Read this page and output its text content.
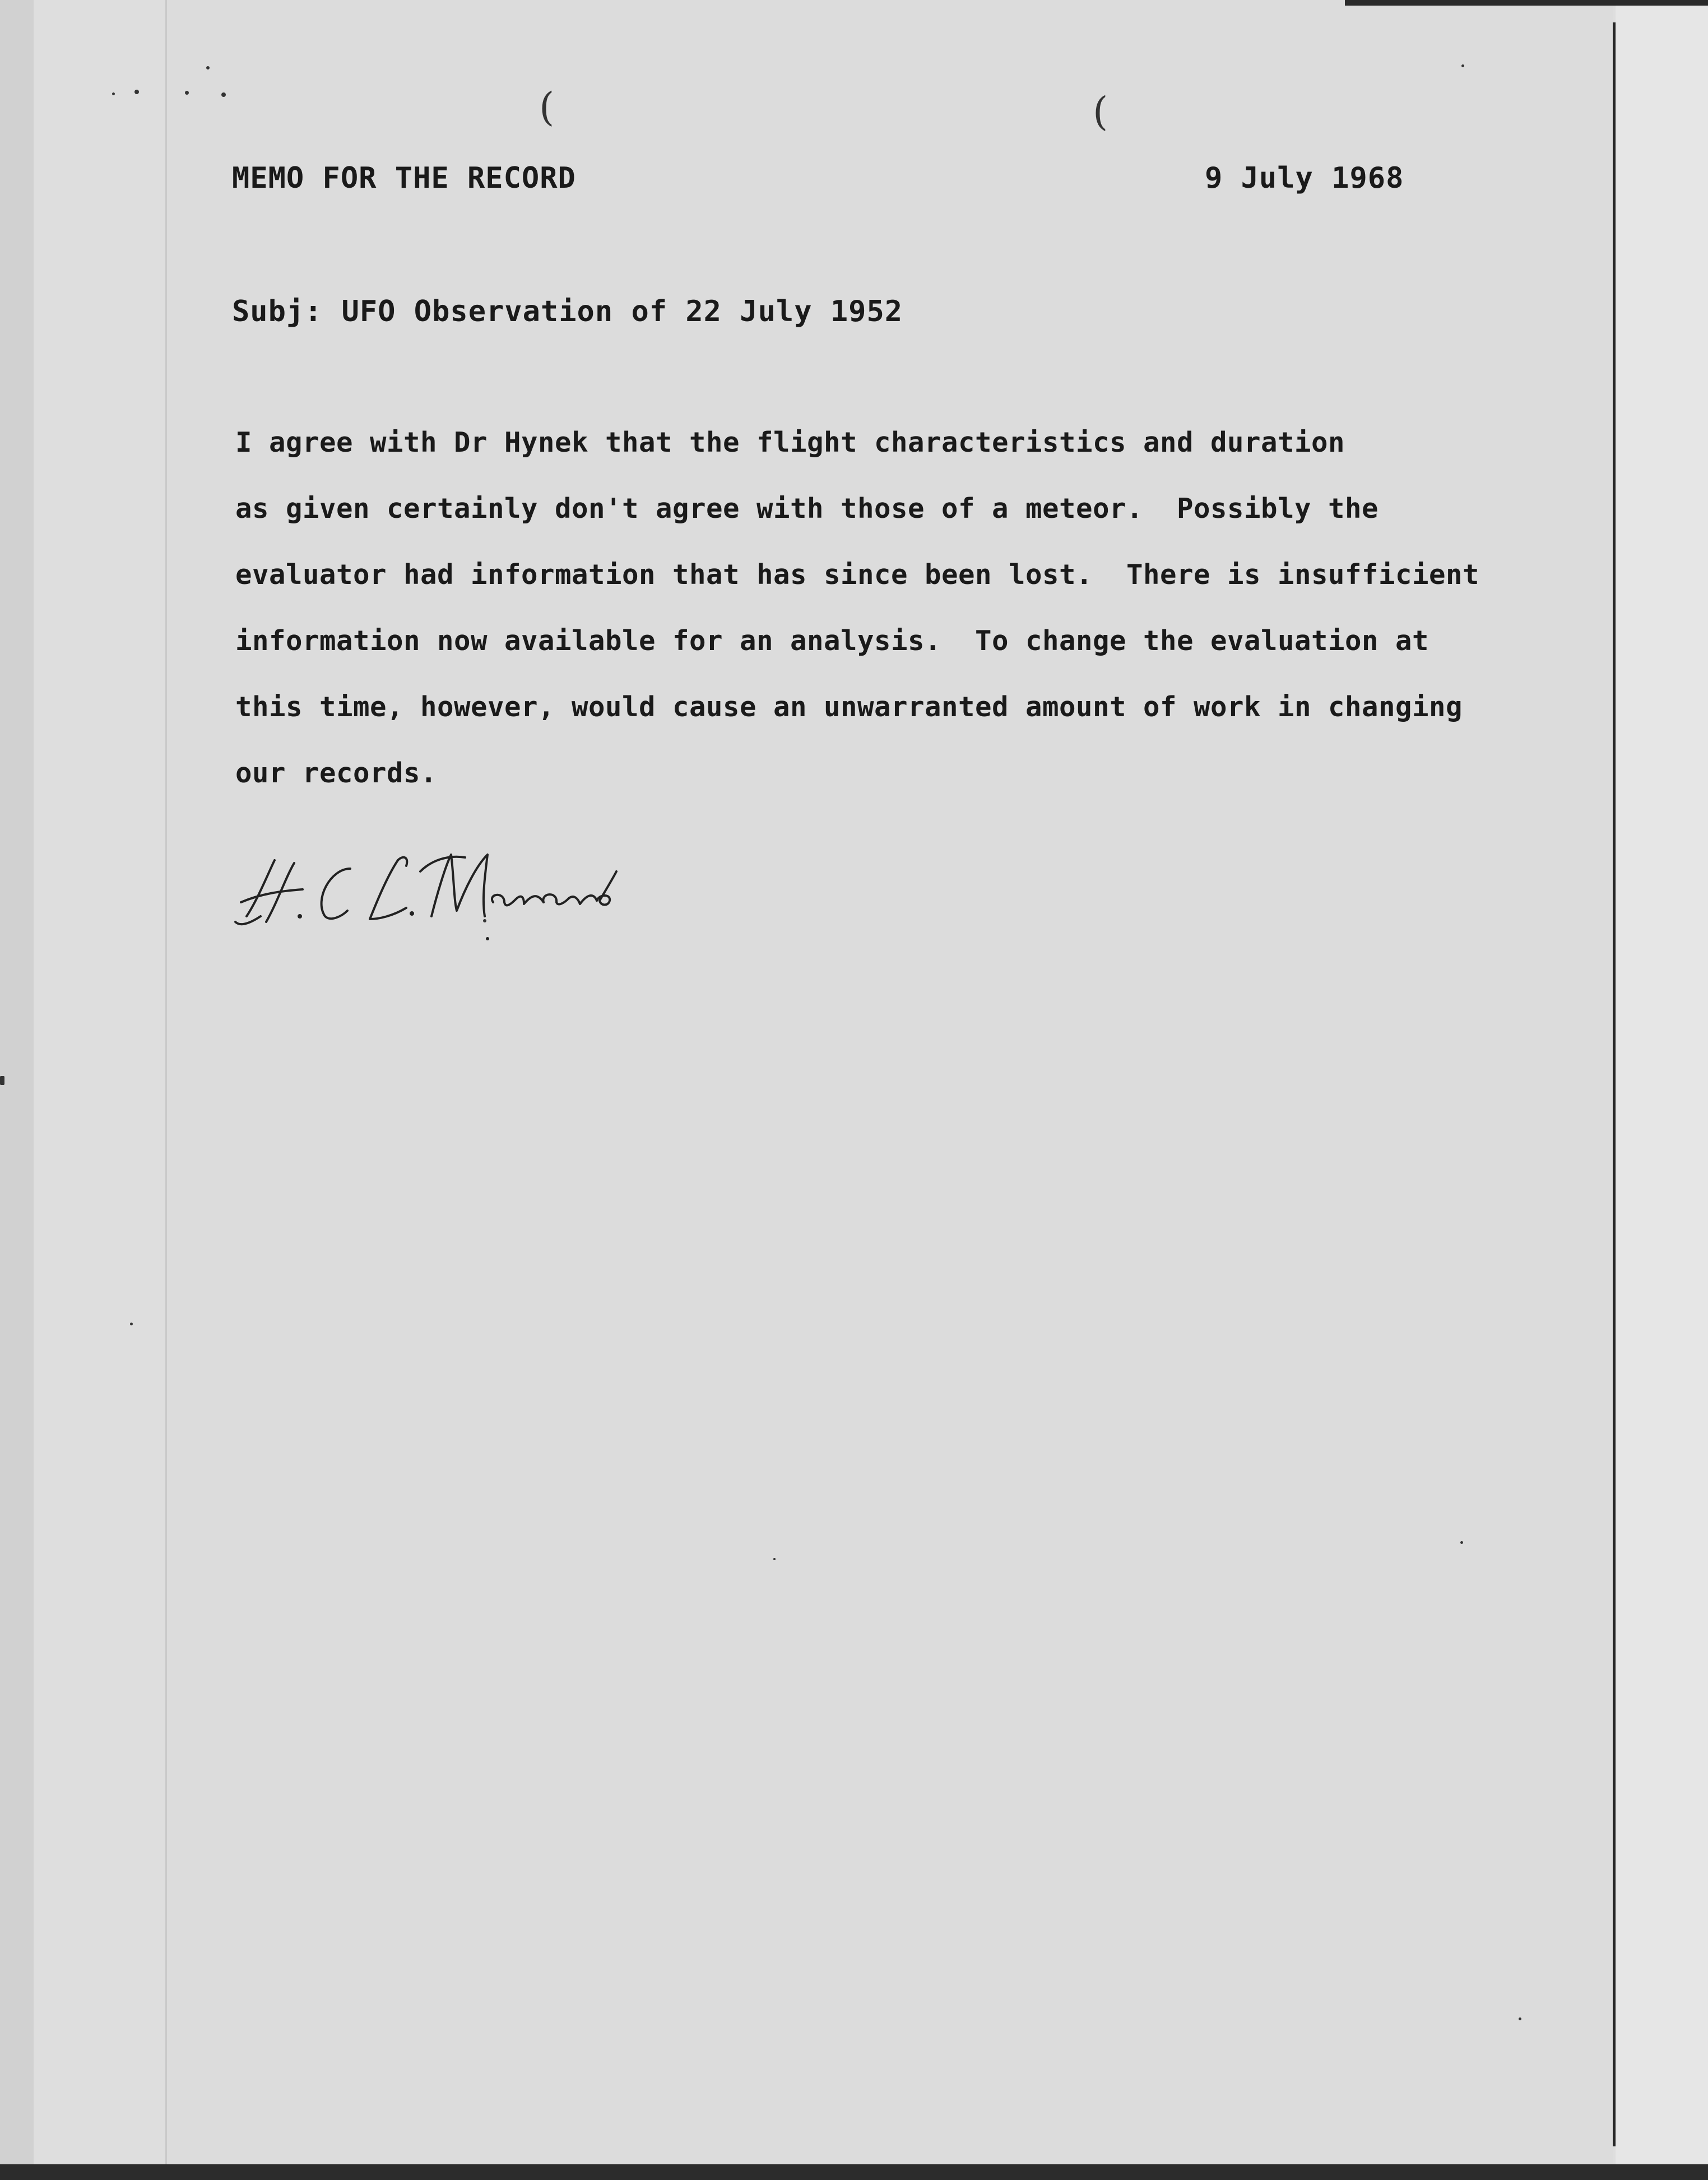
(	(
MEMO FOR THE RECORD	9 July 1968
Subj: UFO Observation of 22 July 1952
I agree with Dr Hynek that the flight characteristics and duration
as given certainly don't agree with those of a meteor.  Possibly the
evaluator had information that has since been lost.  There is insufficient
information now available for an analysis.  To change the evaluation at
this time, however, would cause an unwarranted amount of work in changing
our records.
